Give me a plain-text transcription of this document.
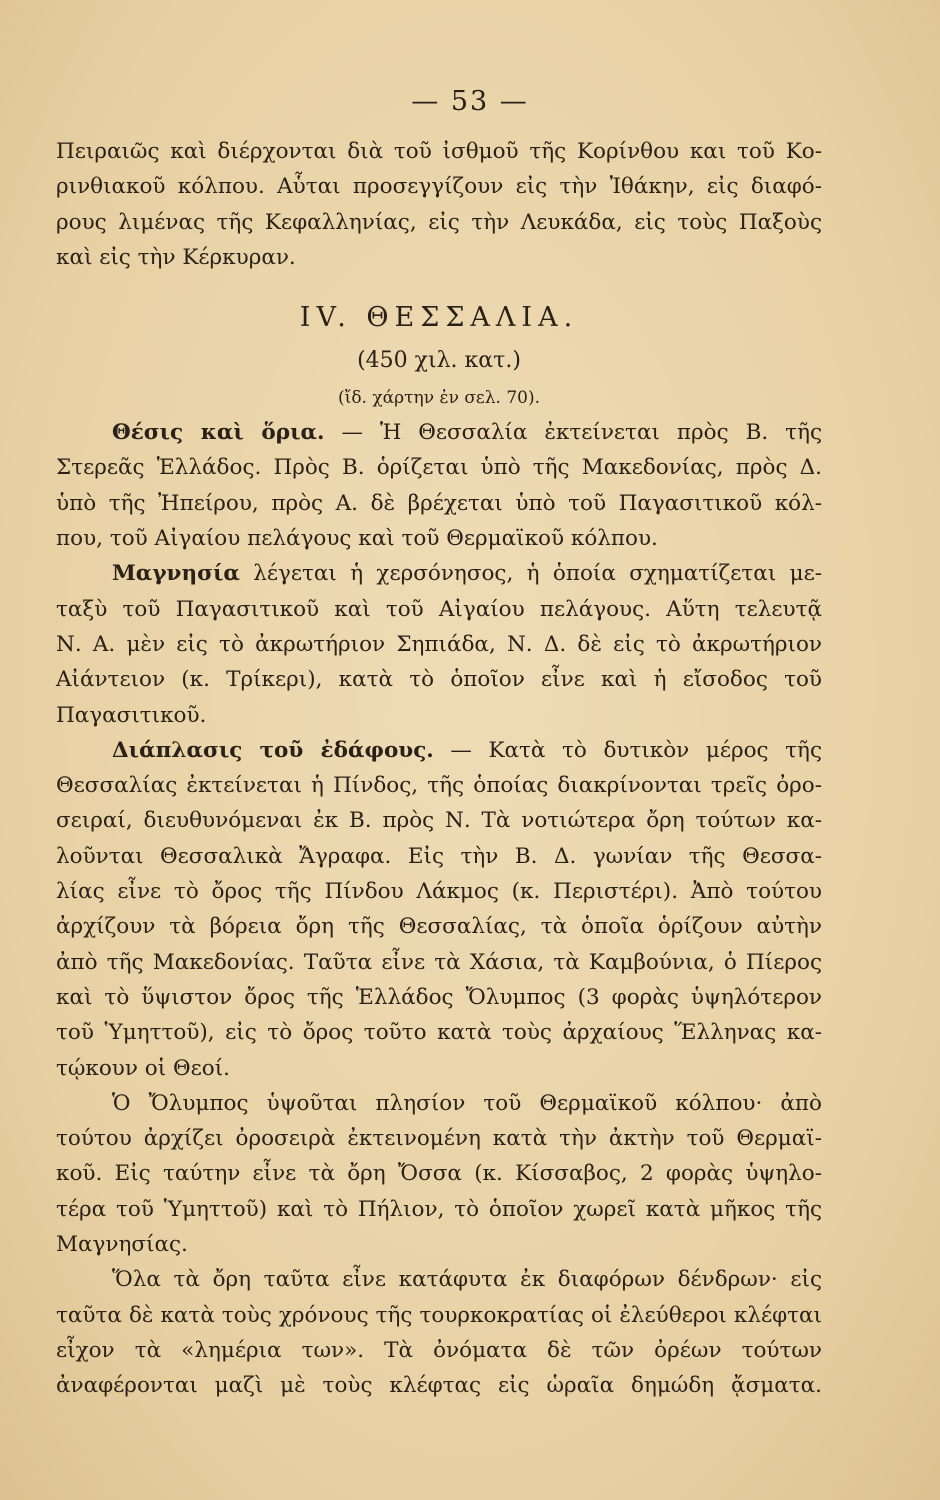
— 53 —
Πειραιῶς καὶ διέρχονται διὰ τοῦ ἰσθμοῦ τῆς Κορίνθου και τοῦ Κο-
ρινθιακοῦ κόλπου. Αὗται προσεγγίζουν εἰς τὴν Ἰθάκην, εἰς διαφό-
ρους λιμένας τῆς Κεφαλληνίας, εἰς τὴν Λευκάδα, εἰς τοὺς Παξοὺς
καὶ εἰς τὴν Κέρκυραν.
IV. ΘΕΣΣΑΛΙΑ.
(450 χιλ. κατ.)
(ἴδ. χάρτην ἐν σελ. 70).
Θέσις καὶ ὅρια. — Ἡ Θεσσαλία ἐκτείνεται πρὸς Β. τῆς
Στερεᾶς Ἑλλάδος. Πρὸς Β. ὁρίζεται ὑπὸ τῆς Μακεδονίας, πρὸς Δ.
ὑπὸ τῆς Ἠπείρου, πρὸς Α. δὲ βρέχεται ὑπὸ τοῦ Παγασιτικοῦ κόλ-
που, τοῦ Αἰγαίου πελάγους καὶ τοῦ Θερμαϊκοῦ κόλπου.
Μαγνησία λέγεται ἡ χερσόνησος, ἡ ὁποία σχηματίζεται με-
ταξὺ τοῦ Παγασιτικοῦ καὶ τοῦ Αἰγαίου πελάγους. Αὕτη τελευτᾷ
Ν. Α. μὲν εἰς τὸ ἀκρωτήριον Σηπιάδα, Ν. Δ. δὲ εἰς τὸ ἀκρωτήριον
Αἰάντειον (κ. Τρίκερι), κατὰ τὸ ὁποῖον εἶνε καὶ ἡ εἴσοδος τοῦ
Παγασιτικοῦ.
Διάπλασις τοῦ ἐδάφους. — Κατὰ τὸ δυτικὸν μέρος τῆς
Θεσσαλίας ἐκτείνεται ἡ Πίνδος, τῆς ὁποίας διακρίνονται τρεῖς ὀρο-
σειραί, διευθυνόμεναι ἐκ Β. πρὸς Ν. Τὰ νοτιώτερα ὄρη τούτων κα-
λοῦνται Θεσσαλικὰ Ἄγραφα. Εἰς τὴν Β. Δ. γωνίαν τῆς Θεσσα-
λίας εἶνε τὸ ὄρος τῆς Πίνδου Λάκμος (κ. Περιστέρι). Ἀπὸ τούτου
ἀρχίζουν τὰ βόρεια ὄρη τῆς Θεσσαλίας, τὰ ὁποῖα ὁρίζουν αὐτὴν
ἀπὸ τῆς Μακεδονίας. Ταῦτα εἶνε τὰ Χάσια, τὰ Καμβούνια, ὁ Πίερος
καὶ τὸ ὕψιστον ὄρος τῆς Ἑλλάδος Ὄλυμπος (3 φορὰς ὑψηλότερον
τοῦ Ὑμηττοῦ), εἰς τὸ ὄρος τοῦτο κατὰ τοὺς ἀρχαίους Ἕλληνας κα-
τῴκουν οἱ Θεοί.
Ὁ Ὄλυμπος ὑψοῦται πλησίον τοῦ Θερμαϊκοῦ κόλπου· ἀπὸ
τούτου ἀρχίζει ὀροσειρὰ ἐκτεινομένη κατὰ τὴν ἀκτὴν τοῦ Θερμαϊ-
κοῦ. Εἰς ταύτην εἶνε τὰ ὄρη Ὄσσα (κ. Κίσσαβος, 2 φορὰς ὑψηλο-
τέρα τοῦ Ὑμηττοῦ) καὶ τὸ Πήλιον, τὸ ὁποῖον χωρεῖ κατὰ μῆκος τῆς
Μαγνησίας.
Ὅλα τὰ ὄρη ταῦτα εἶνε κατάφυτα ἐκ διαφόρων δένδρων· εἰς
ταῦτα δὲ κατὰ τοὺς χρόνους τῆς τουρκοκρατίας οἱ ἐλεύθεροι κλέφται
εἶχον τὰ «λημέρια των». Τὰ ὀνόματα δὲ τῶν ὀρέων τούτων
ἀναφέρονται μαζὶ μὲ τοὺς κλέφτας εἰς ὡραῖα δημώδη ᾄσματα.
